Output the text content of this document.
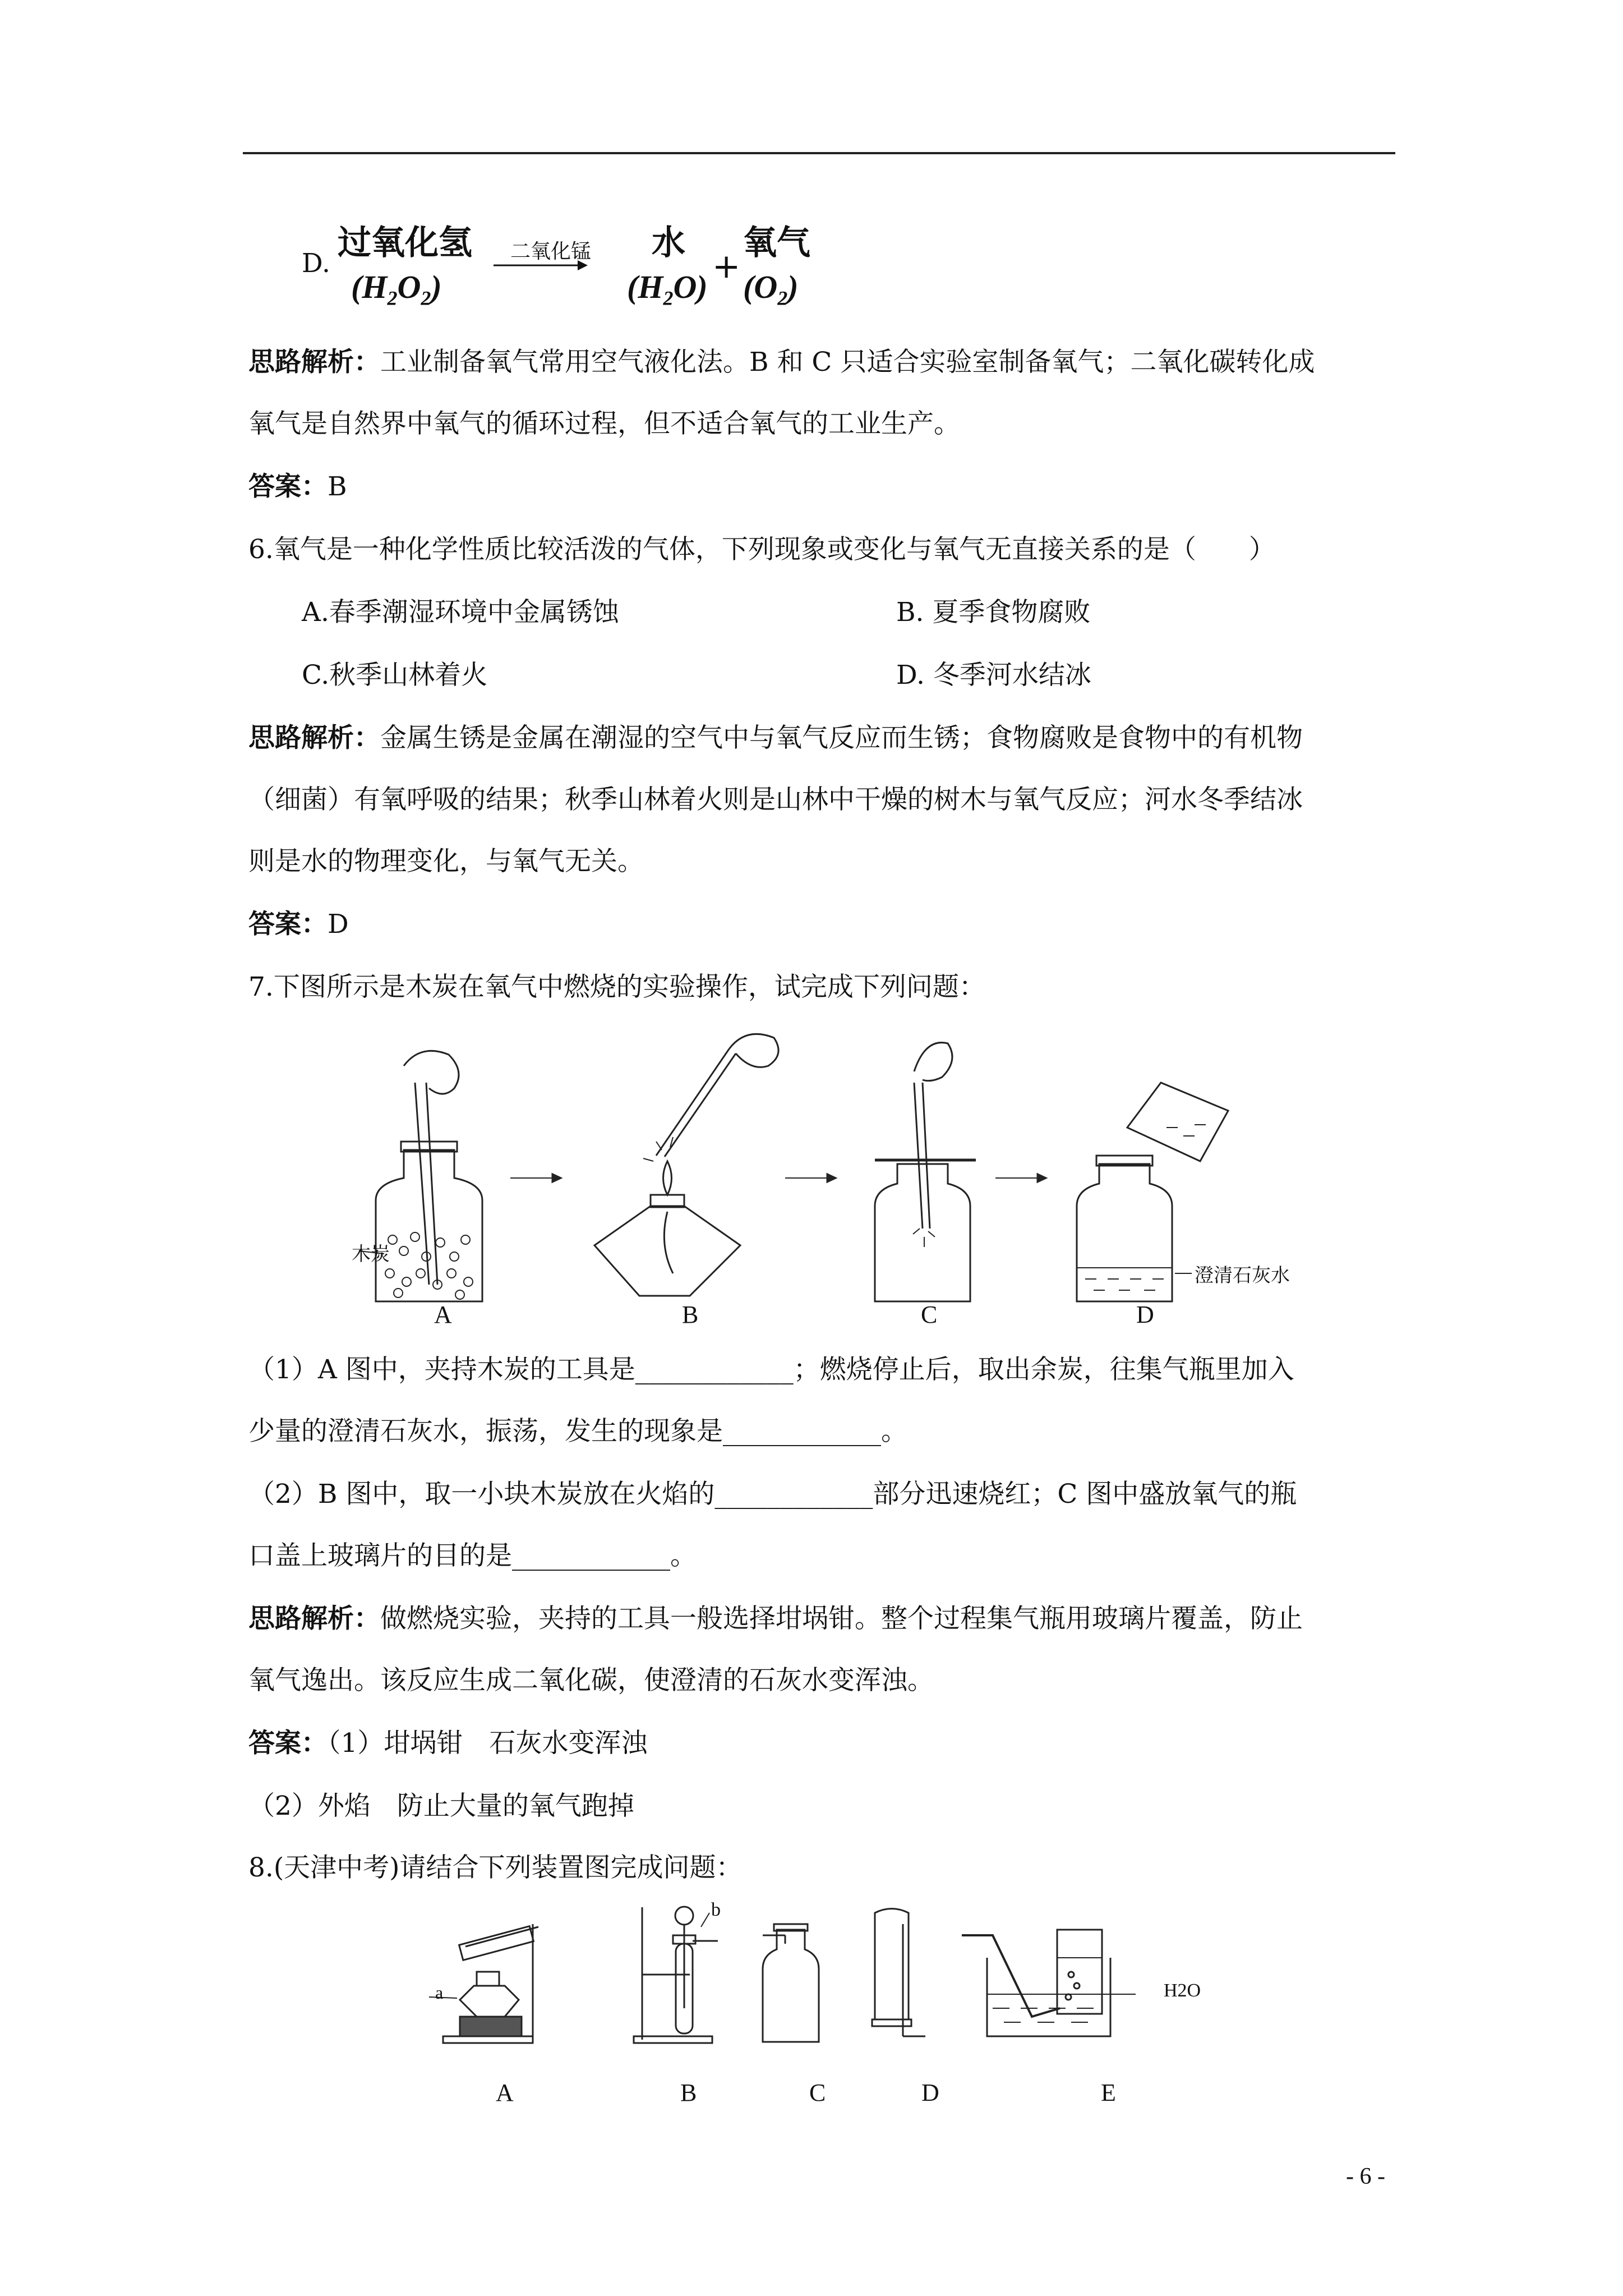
D.
过氧化氢
$(H_2O_2)$
二氧化锰 水
$(H_2O)$
+
氧气
$(O_2)$
思路解析：工业制备氧气常用空气液化法。B 和 C 只适合实验室制备氧气；二氧化碳转化成
氧气是自然界中氧气的循环过程，但不适合氧气的工业生产。
答案：B
6.氧气是一种化学性质比较活泼的气体，下列现象或变化与氧气无直接关系的是（　　）
A.春季潮湿环境中金属锈蚀	B. 夏季食物腐败
C.秋季山林着火	D. 冬季河水结冰
思路解析：金属生锈是金属在潮湿的空气中与氧气反应而生锈；食物腐败是食物中的有机物
（细菌）有氧呼吸的结果；秋季山林着火则是山林中干燥的树木与氧气反应；河水冬季结冰
则是水的物理变化，与氧气无关。
答案：D
7.下图所示是木炭在氧气中燃烧的实验操作，试完成下列问题：
木炭
澄清石灰水
A	B	C	D
（1）A 图中，夹持木炭的工具是____________；燃烧停止后，取出余炭，往集气瓶里加入
少量的澄清石灰水，振荡，发生的现象是____________。
（2）B 图中，取一小块木炭放在火焰的____________部分迅速烧红；C 图中盛放氧气的瓶
口盖上玻璃片的目的是____________。
思路解析：做燃烧实验，夹持的工具一般选择坩埚钳。整个过程集气瓶用玻璃片覆盖，防止
氧气逸出。该反应生成二氧化碳，使澄清的石灰水变浑浊。
答案：（1）坩埚钳　石灰水变浑浊
（2）外焰　防止大量的氧气跑掉
8.(天津中考)请结合下列装置图完成问题：
a
b
H2O
A	B	C	D	E
- 6 -
